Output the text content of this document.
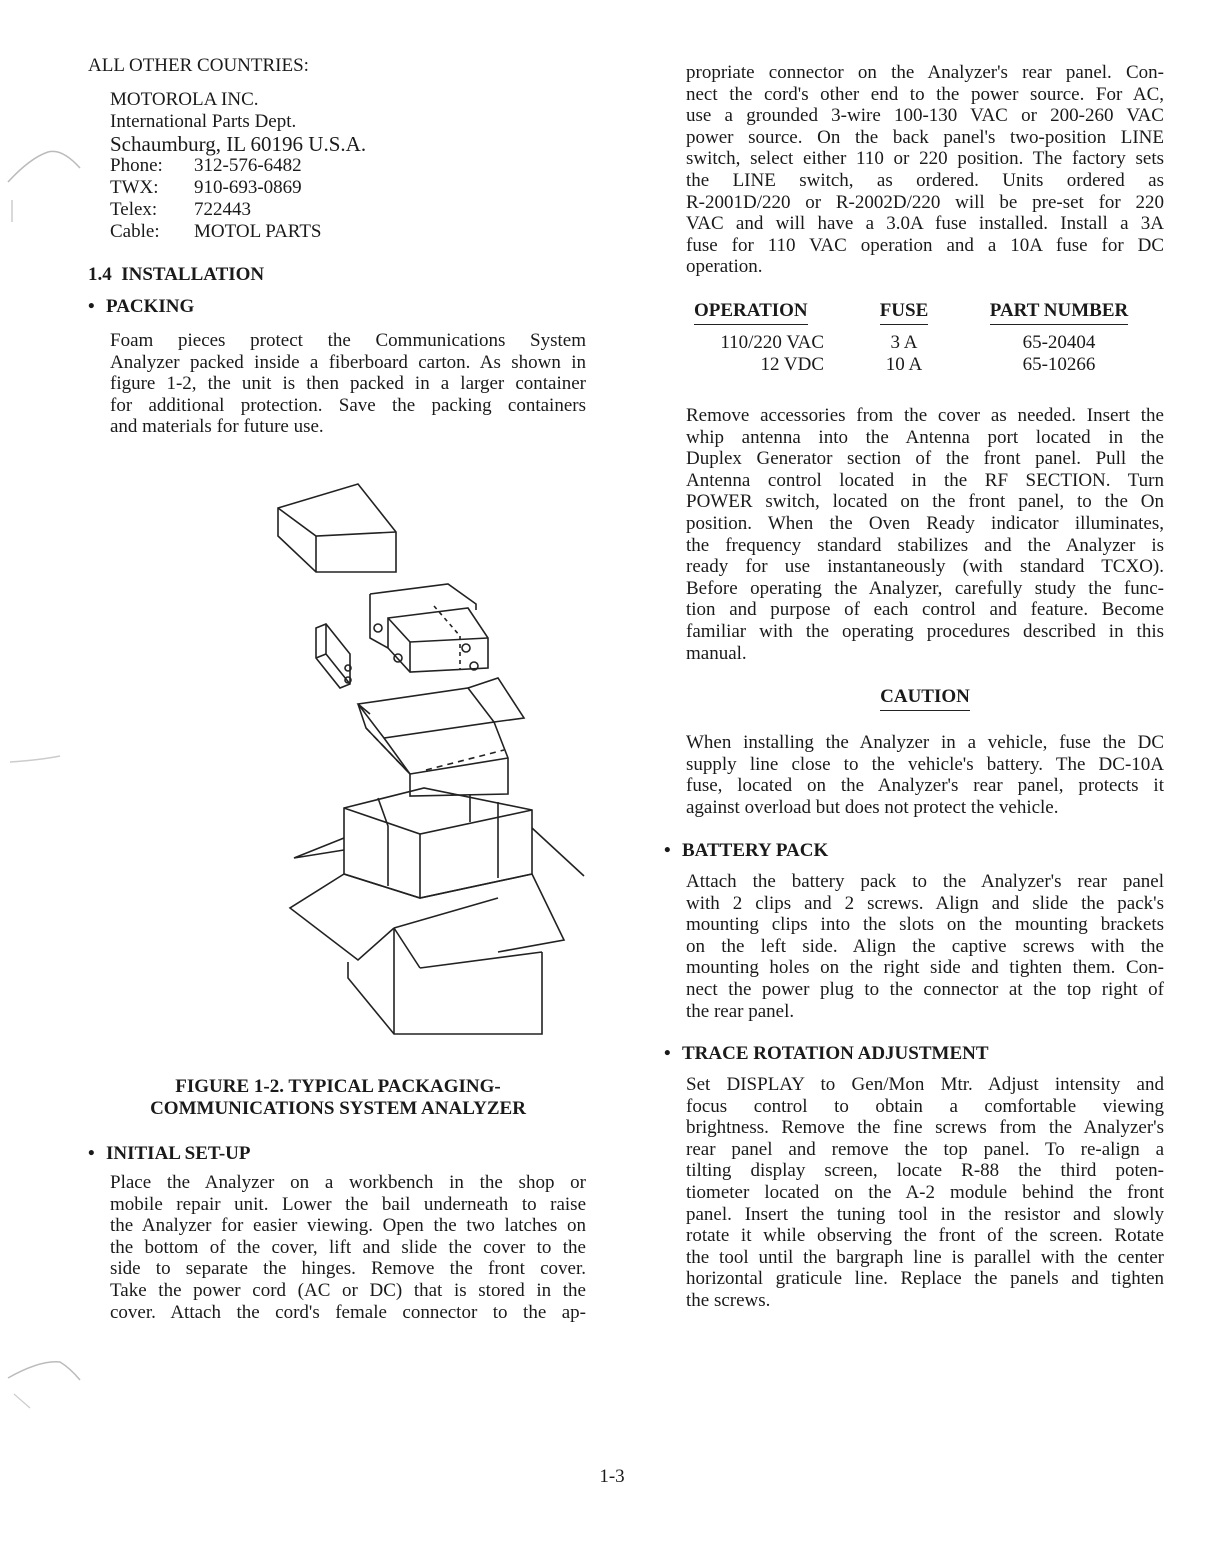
ALL OTHER COUNTRIES:
MOTOROLA INC.
International Parts Dept.
Schaumburg, IL 60196 U.S.A.
Phone:	312-576-6482
TWX:	910-693-0869
Telex:	722443
Cable:	MOTOL PARTS
1.4 INSTALLATION
• PACKING
Foam pieces protect the Communications System
Analyzer packed inside a fiberboard carton. As shown in
figure 1-2, the unit is then packed in a larger container
for additional protection. Save the packing containers
and materials for future use.
FIGURE 1-2. TYPICAL PACKAGING-
COMMUNICATIONS SYSTEM ANALYZER
• INITIAL SET-UP
Place the Analyzer on a workbench in the shop or
mobile repair unit. Lower the bail underneath to raise
the Analyzer for easier viewing. Open the two latches on
the bottom of the cover, lift and slide the cover to the
side to separate the hinges. Remove the front cover.
Take the power cord (AC or DC) that is stored in the
cover. Attach the cord's female connector to the ap-
propriate connector on the Analyzer's rear panel. Con-
nect the cord's other end to the power source. For AC,
use a grounded 3-wire 100-130 VAC or 200-260 VAC
power source. On the back panel's two-position LINE
switch, select either 110 or 220 position. The factory sets
the LINE switch, as ordered. Units ordered as
R-2001D/220 or R-2002D/220 will be pre-set for 220
VAC and will have a 3.0A fuse installed. Install a 3A
fuse for 110 VAC operation and a 10A fuse for DC
operation.
OPERATION	FUSE	PART NUMBER

110/220 VAC	3 A	65-20404
12 VDC	10 A	65-10266
Remove accessories from the cover as needed. Insert the
whip antenna into the Antenna port located in the
Duplex Generator section of the front panel. Pull the
Antenna control located in the RF SECTION. Turn
POWER switch, located on the front panel, to the On
position. When the Oven Ready indicator illuminates,
the frequency standard stabilizes and the Analyzer is
ready for use instantaneously (with standard TCXO).
Before operating the Analyzer, carefully study the func-
tion and purpose of each control and feature. Become
familiar with the operating procedures described in this
manual.
CAUTION
When installing the Analyzer in a vehicle, fuse the DC
supply line close to the vehicle's battery. The DC-10A
fuse, located on the Analyzer's rear panel, protects it
against overload but does not protect the vehicle.
• BATTERY PACK
Attach the battery pack to the Analyzer's rear panel
with 2 clips and 2 screws. Align and slide the pack's
mounting clips into the slots on the mounting brackets
on the left side. Align the captive screws with the
mounting holes on the right side and tighten them. Con-
nect the power plug to the connector at the top right of
the rear panel.
• TRACE ROTATION ADJUSTMENT
Set DISPLAY to Gen/Mon Mtr. Adjust intensity and
focus control to obtain a comfortable viewing
brightness. Remove the fine screws from the Analyzer's
rear panel and remove the top panel. To re-align a
tilting display screen, locate R-88 the third poten-
tiometer located on the A-2 module behind the front
panel. Insert the tuning tool in the resistor and slowly
rotate it while observing the front of the screen. Rotate
the tool until the bargraph line is parallel with the center
horizontal graticule line. Replace the panels and tighten
the screws.
1-3
